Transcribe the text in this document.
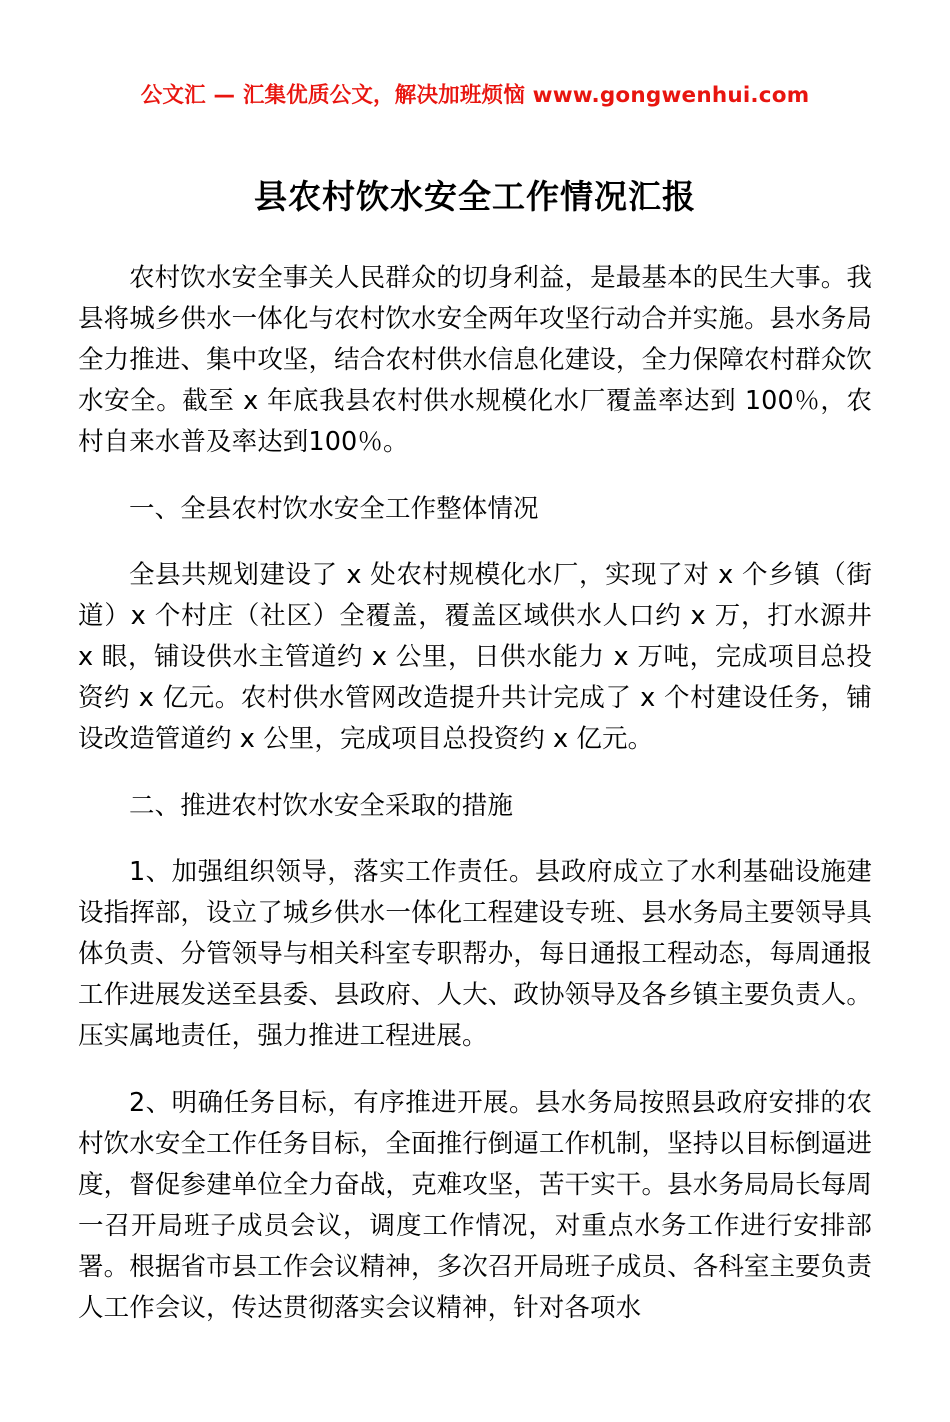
公文汇 — 汇集优质公文，解决加班烦恼 www.gongwenhui.com
县农村饮水安全工作情况汇报

农村饮水安全事关人民群众的切身利益，是最基本的民生大事。我县将城乡供水一体化与农村饮水安全两年攻坚行动合并实施。县水务局全力推进、集中攻坚，结合农村供水信息化建设，全力保障农村群众饮水安全。截至 x 年底我县农村供水规模化水厂覆盖率达到 100％，农村自来水普及率达到100％。

一、全县农村饮水安全工作整体情况

全县共规划建设了 x 处农村规模化水厂，实现了对 x 个乡镇（街道）x 个村庄（社区）全覆盖，覆盖区域供水人口约 x 万，打水源井 x 眼，铺设供水主管道约 x 公里，日供水能力 x 万吨，完成项目总投资约 x 亿元。农村供水管网改造提升共计完成了 x 个村建设任务，铺设改造管道约 x 公里，完成项目总投资约 x 亿元。

二、推进农村饮水安全采取的措施

1、加强组织领导，落实工作责任。县政府成立了水利基础设施建设指挥部，设立了城乡供水一体化工程建设专班、县水务局主要领导具体负责、分管领导与相关科室专职帮办，每日通报工程动态，每周通报工作进展发送至县委、县政府、人大、政协领导及各乡镇主要负责人。压实属地责任，强力推进工程进展。

2、明确任务目标，有序推进开展。县水务局按照县政府安排的农村饮水安全工作任务目标，全面推行倒逼工作机制，坚持以目标倒逼进度，督促参建单位全力奋战，克难攻坚，苦干实干。县水务局局长每周一召开局班子成员会议，调度工作情况，对重点水务工作进行安排部署。根据省市县工作会议精神，多次召开局班子成员、各科室主要负责人工作会议，传达贯彻落实会议精神，针对各项水
